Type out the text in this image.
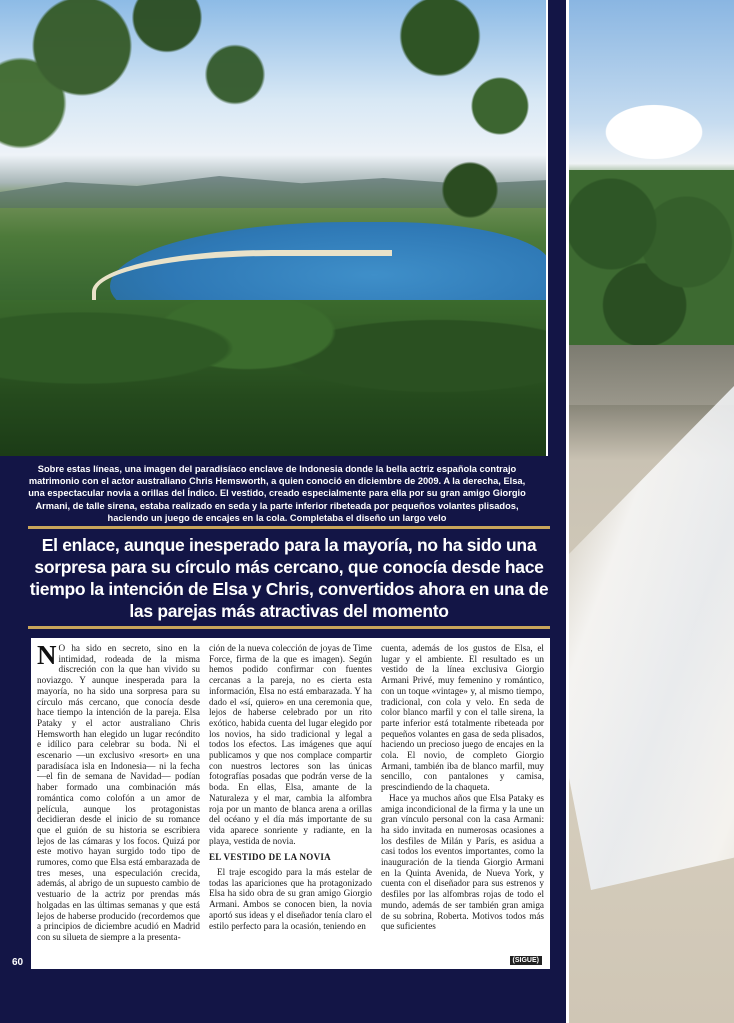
Sobre estas líneas, una imagen del paradisíaco enclave de Indonesia donde la bella actriz española contrajo matrimonio con el actor australiano Chris Hemsworth, a quien conoció en diciembre de 2009. A la derecha, Elsa, una espectacular novia a orillas del Índico. El vestido, creado especialmente para ella por su gran amigo Giorgio Armani, de talle sirena, estaba realizado en seda y la parte inferior ribeteada por pequeños volantes plisados, haciendo un juego de encajes en la cola. Completaba el diseño un largo velo
El enlace, aunque inesperado para la mayoría, no ha sido una sorpresa para su círculo más cercano, que conocía desde hace tiempo la intención de Elsa y Chris, convertidos ahora en una de las parejas más atractivas del momento

N O ha sido en secreto, sino en la intimidad, rodeada de la misma discreción con la que han vivido su noviazgo. Y aunque inesperada para la mayoría, no ha sido una sorpresa para su círculo más cercano, que conocía desde hace tiempo la intención de la pareja. Elsa Pataky y el actor australiano Chris Hemsworth han elegido un lugar recóndito e idílico para celebrar su boda. Ni el escenario —un exclusivo «resort» en una paradisíaca isla en Indonesia— ni la fecha —el fin de semana de Navidad— podían haber formado una combinación más romántica como colofón a un amor de película, aunque los protagonistas decidieran desde el inicio de su romance que el guión de su historia se escribiera lejos de las cámaras y los focos. Quizá por este motivo hayan surgido todo tipo de rumores, como que Elsa está embarazada de tres meses, una especulación crecida, además, al abrigo de un supuesto cambio de vestuario de la actriz por prendas más holgadas en las últimas semanas y que está lejos de haberse producido (recordemos que a principios de diciembre acudió en Madrid con su silueta de siempre a la presenta-

ción de la nueva colección de joyas de Time Force, firma de la que es imagen). Según hemos podido confirmar con fuentes cercanas a la pareja, no es cierta esta información, Elsa no está embarazada. Y ha dado el «sí, quiero» en una ceremonia que, lejos de haberse celebrado por un rito exótico, habida cuenta del lugar elegido por los novios, ha sido tradicional y legal a todos los efectos. Las imágenes que aquí publicamos y que nos complace compartir con nuestros lectores son las únicas fotografías posadas que podrán verse de la boda. En ellas, Elsa, amante de la Naturaleza y el mar, cambia la alfombra roja por un manto de blanca arena a orillas del océano y el día más importante de su vida aparece sonriente y radiante, en la playa, vestida de novia.

EL VESTIDO DE LA NOVIA

El traje escogido para la más estelar de todas las apariciones que ha protagonizado Elsa ha sido obra de su gran amigo Giorgio Armani. Ambos se conocen bien, la novia aportó sus ideas y el diseñador tenía claro el estilo perfecto para la ocasión, teniendo en

cuenta, además de los gustos de Elsa, el lugar y el ambiente. El resultado es un vestido de la línea exclusiva Giorgio Armani Privé, muy femenino y romántico, con un toque «vintage» y, al mismo tiempo, tradicional, con cola y velo. En seda de color blanco marfil y con el talle sirena, la parte inferior está totalmente ribeteada por pequeños volantes en gasa de seda plisados, haciendo un precioso juego de encajes en la cola. El novio, de completo Giorgio Armani, también iba de blanco marfil, muy sencillo, con pantalones y camisa, prescindiendo de la chaqueta.

Hace ya muchos años que Elsa Pataky es amiga incondicional de la firma y la une un gran vínculo personal con la casa Armani: ha sido invitada en numerosas ocasiones a los desfiles de Milán y París, es asidua a casi todos los eventos importantes, como la inauguración de la tienda Giorgio Armani en la Quinta Avenida, de Nueva York, y cuenta con el diseñador para sus estrenos y desfiles por las alfombras rojas de todo el mundo, además de ser también gran amiga de su sobrina, Roberta. Motivos todos más que suficientes

(SIGUE)
60
